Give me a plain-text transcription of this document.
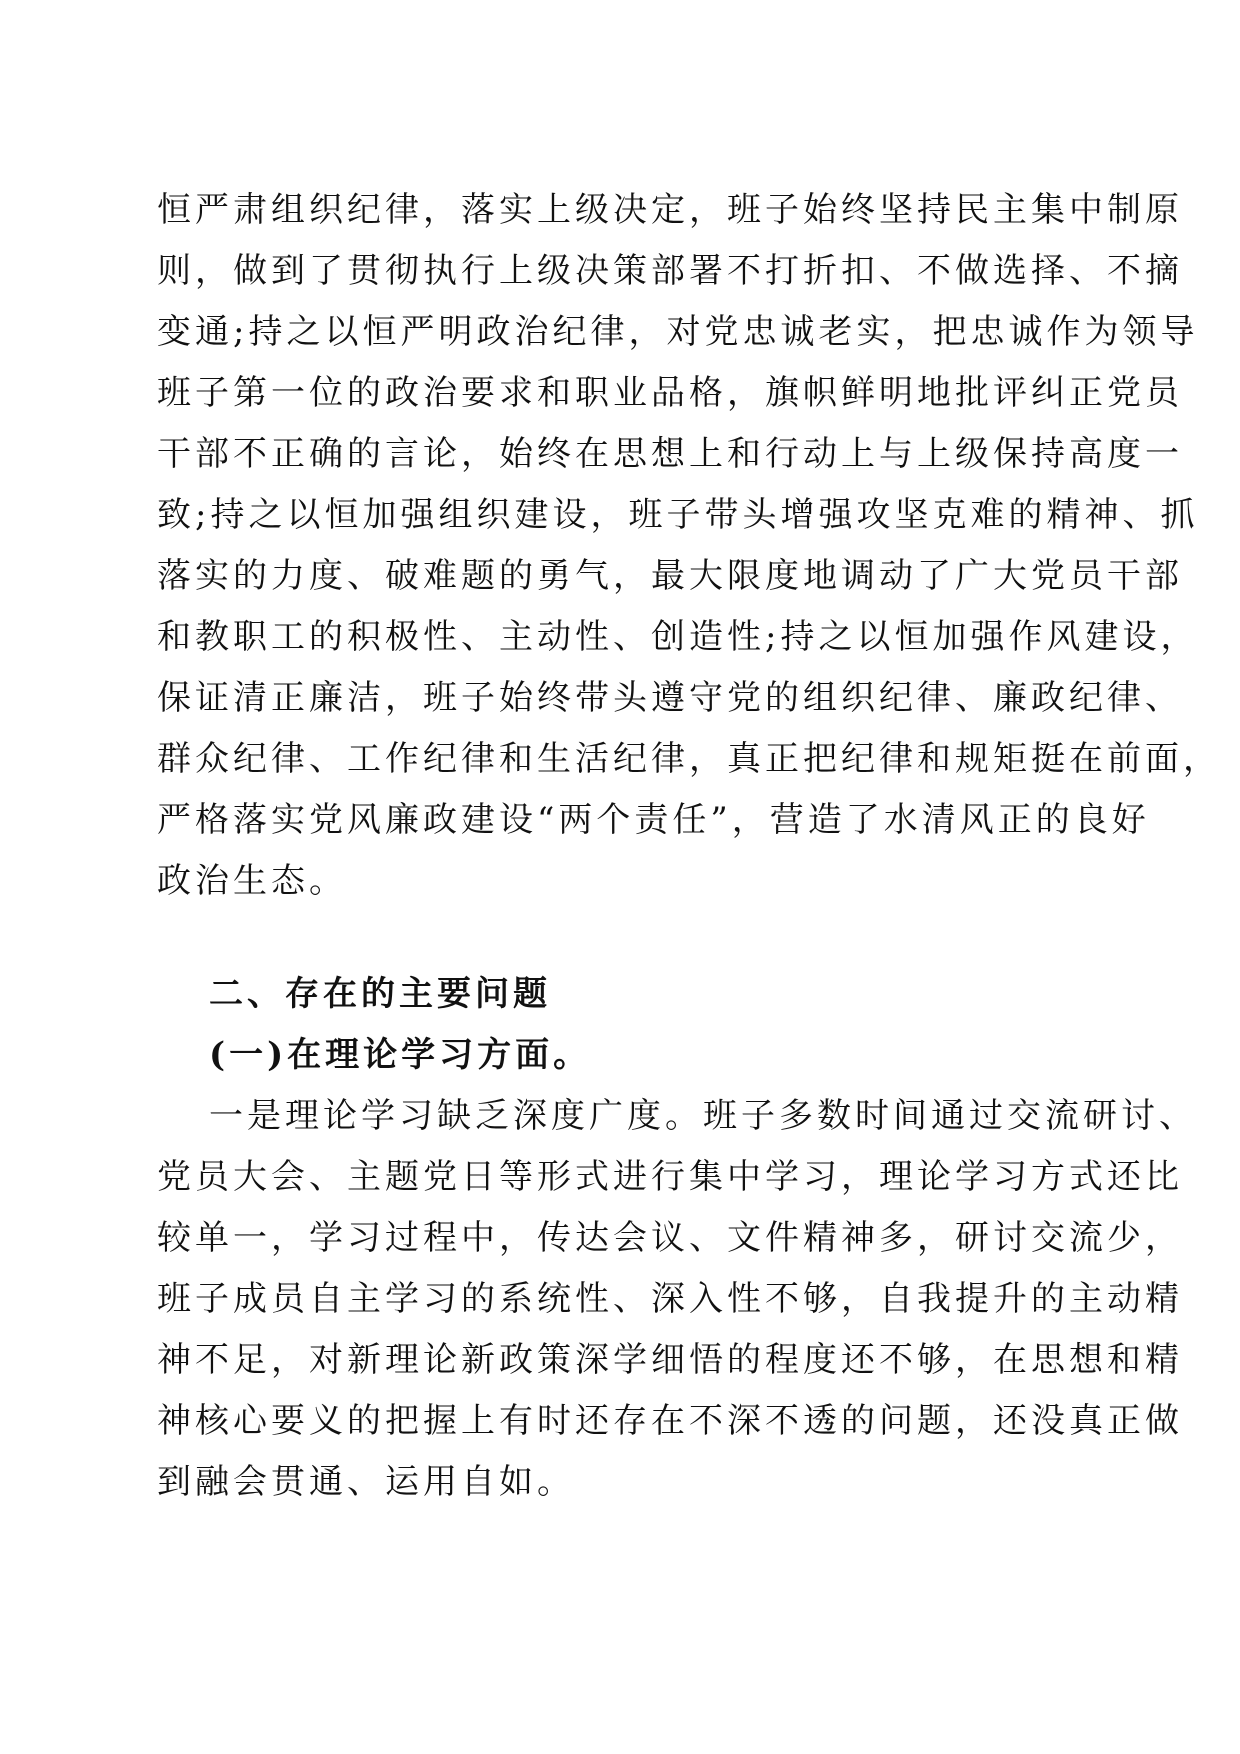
恒严肃组织纪律，落实上级决定，班子始终坚持民主集中制原
则，做到了贯彻执行上级决策部署不打折扣、不做选择、不摘
变通;持之以恒严明政治纪律，对党忠诚老实，把忠诚作为领导
班子第一位的政治要求和职业品格，旗帜鲜明地批评纠正党员
干部不正确的言论，始终在思想上和行动上与上级保持高度一
致;持之以恒加强组织建设，班子带头增强攻坚克难的精神、抓
落实的力度、破难题的勇气，最大限度地调动了广大党员干部
和教职工的积极性、主动性、创造性;持之以恒加强作风建设，
保证清正廉洁，班子始终带头遵守党的组织纪律、廉政纪律、
群众纪律、工作纪律和生活纪律，真正把纪律和规矩挺在前面，
严格落实党风廉政建设“两个责任”，营造了水清风正的良好
政治生态。
二、存在的主要问题
(一)在理论学习方面。
一是理论学习缺乏深度广度。班子多数时间通过交流研讨、
党员大会、主题党日等形式进行集中学习，理论学习方式还比
较单一，学习过程中，传达会议、文件精神多，研讨交流少，
班子成员自主学习的系统性、深入性不够，自我提升的主动精
神不足，对新理论新政策深学细悟的程度还不够，在思想和精
神核心要义的把握上有时还存在不深不透的问题，还没真正做
到融会贯通、运用自如。
